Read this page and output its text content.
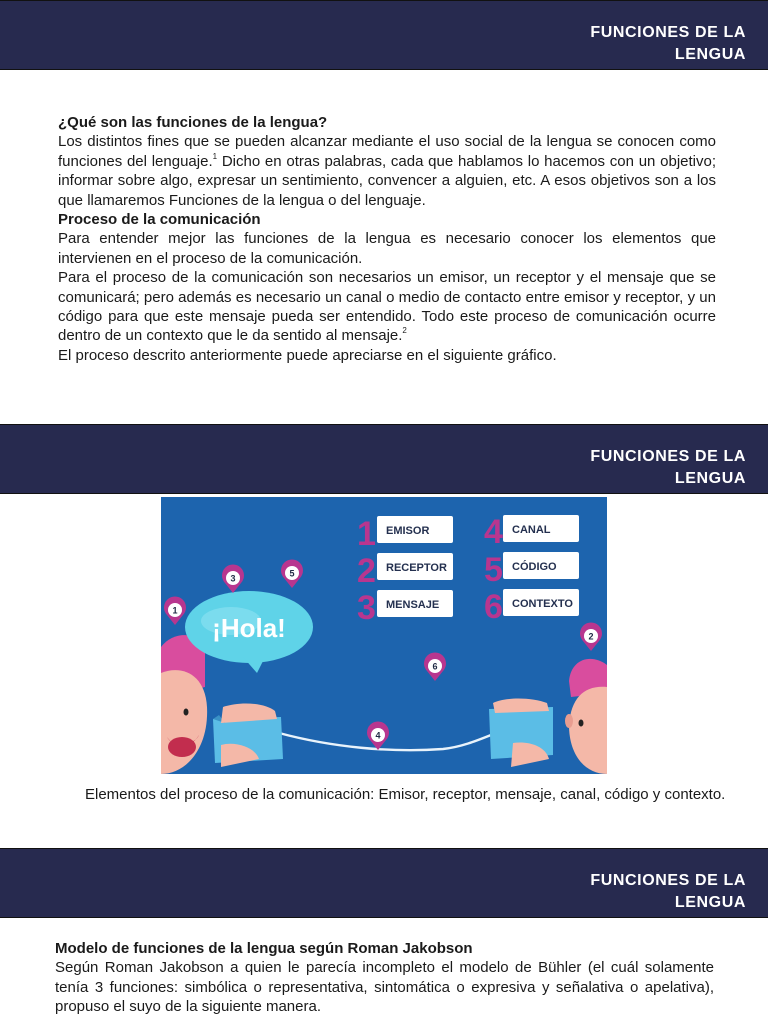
FUNCIONES DE LA
LENGUA
¿Qué son las funciones de la lengua?

Los distintos fines que se pueden alcanzar mediante el uso social de la lengua se conocen como funciones del lenguaje.$^1$ Dicho en otras palabras, cada que hablamos lo hacemos con un objetivo; informar sobre algo, expresar un sentimiento, convencer a alguien, etc. A esos objetivos son a los que llamaremos Funciones de la lengua o del lenguaje.

Proceso de la comunicación

Para entender mejor las funciones de la lengua es necesario conocer los elementos que intervienen en el proceso de la comunicación.

Para el proceso de la comunicación son necesarios un emisor, un receptor y el mensaje que se comunicará; pero además es necesario un canal o medio de contacto entre emisor y receptor, y un código para que este mensaje pueda ser entendido. Todo este proceso de comunicación ocurre dentro de un contexto que le da sentido al mensaje.$^2$

El proceso descrito anteriormente puede apreciarse en el siguiente gráfico.

FUNCIONES DE LA
LENGUA
¡Hola!
1 EMISOR
2 RECEPTOR
3 MENSAJE
4 CANAL
5 CÓDIGO
6 CONTEXTO
1
3	5
6
2
4

Elementos del proceso de la comunicación: Emisor, receptor, mensaje, canal, código y contexto.

FUNCIONES DE LA
LENGUA
Modelo de funciones de la lengua según Roman Jakobson

Según Roman Jakobson a quien le parecía incompleto el modelo de Bühler (el cuál solamente tenía 3 funciones: simbólica o representativa, sintomática o expresiva y señalativa o apelativa), propuso el suyo de la siguiente manera.
